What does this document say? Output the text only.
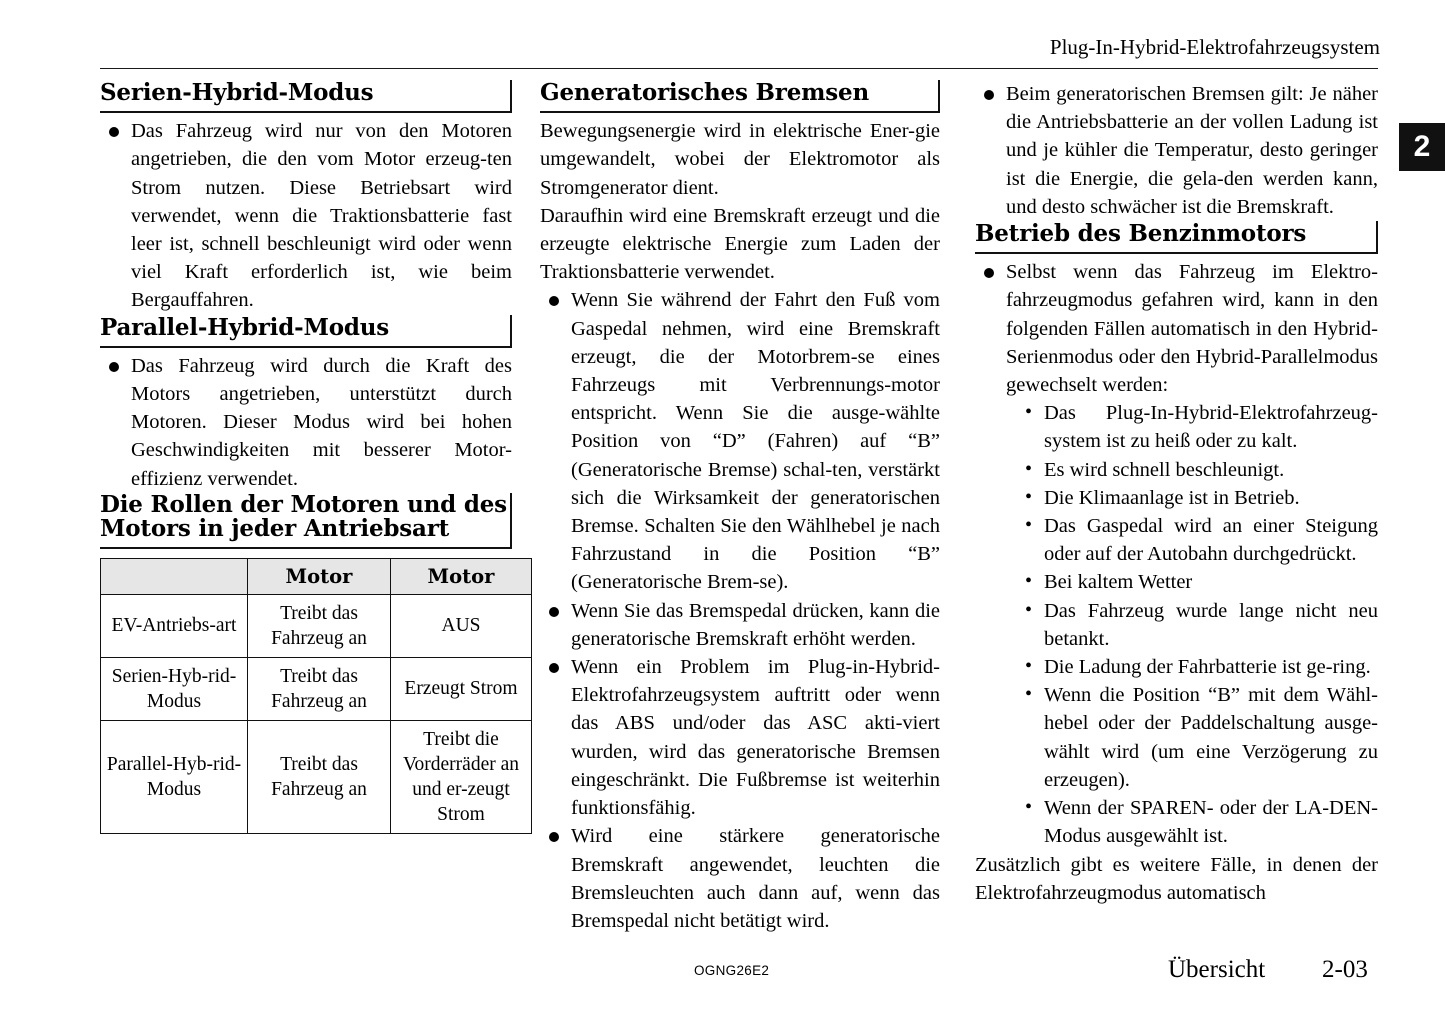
Plug-In-Hybrid-Elektrofahrzeugsystem
2
Serien-Hybrid-Modus
Das Fahrzeug wird nur von den Motoren angetrieben, die den vom Motor erzeug-ten Strom nutzen. Diese Betriebsart wird verwendet, wenn die Traktionsbatterie fast leer ist, schnell beschleunigt wird oder wenn viel Kraft erforderlich ist, wie beim Bergauffahren.
Parallel-Hybrid-Modus
Das Fahrzeug wird durch die Kraft des Motors angetrieben, unterstützt durch Motoren. Dieser Modus wird bei hohen Geschwindigkeiten mit besserer Motor-effizienz verwendet.
Die Rollen der Motoren und des
Motors in jeder Antriebsart
	Motor	Motor
EV-Antriebs-art	Treibt das Fahrzeug an	AUS
Serien-Hyb-rid-Modus	Treibt das Fahrzeug an	Erzeugt Strom
Parallel-Hyb-rid-Modus	Treibt das Fahrzeug an	Treibt die Vorderräder an und er-zeugt Strom
Generatorisches Bremsen

Bewegungsenergie wird in elektrische Ener-gie umgewandelt, wobei der Elektromotor als Stromgenerator dient.

Daraufhin wird eine Bremskraft erzeugt und die erzeugte elektrische Energie zum Laden der Traktionsbatterie verwendet.

Wenn Sie während der Fahrt den Fuß vom Gaspedal nehmen, wird eine Bremskraft erzeugt, die der Motorbrem-se eines Fahrzeugs mit Verbrennungs-motor entspricht. Wenn Sie die ausge-wählte Position von “D” (Fahren) auf “B” (Generatorische Bremse) schal-ten, verstärkt sich die Wirksamkeit der generatorischen Bremse. Schalten Sie den Wählhebel je nach Fahrzustand in die Position “B” (Generatorische Brem-se).
Wenn Sie das Bremspedal drücken, kann die generatorische Bremskraft erhöht werden.
Wenn ein Problem im Plug-in-Hybrid-Elektrofahrzeugsystem auftritt oder wenn das ABS und/oder das ASC akti-viert wurden, wird das generatorische Bremsen eingeschränkt. Die Fußbremse ist weiterhin funktionsfähig.
Wird eine stärkere generatorische Bremskraft angewendet, leuchten die Bremsleuchten auch dann auf, wenn das Bremspedal nicht betätigt wird.
Beim generatorischen Bremsen gilt: Je näher die Antriebsbatterie an der vollen Ladung ist und je kühler die Temperatur, desto geringer ist die Energie, die gela-den werden kann, und desto schwächer ist die Bremskraft.
Betrieb des Benzinmotors
Selbst wenn das Fahrzeug im Elektro-fahrzeugmodus gefahren wird, kann in den folgenden Fällen automatisch in den Hybrid-Serienmodus oder den Hybrid-Parallelmodus gewechselt werden:
• Das Plug-In-Hybrid-Elektrofahrzeug-system ist zu heiß oder zu kalt.
• Es wird schnell beschleunigt.
• Die Klimaanlage ist in Betrieb.
• Das Gaspedal wird an einer Steigung oder auf der Autobahn durchgedrückt.
• Bei kaltem Wetter
• Das Fahrzeug wurde lange nicht neu betankt.
• Die Ladung der Fahrbatterie ist ge-ring.
• Wenn die Position “B” mit dem Wähl-hebel oder der Paddelschaltung ausge-wählt wird (um eine Verzögerung zu erzeugen).
• Wenn der SPAREN- oder der LA-DEN-Modus ausgewählt ist.

Zusätzlich gibt es weitere Fälle, in denen der Elektrofahrzeugmodus automatisch

OGNG26E2	Übersicht 2-03
